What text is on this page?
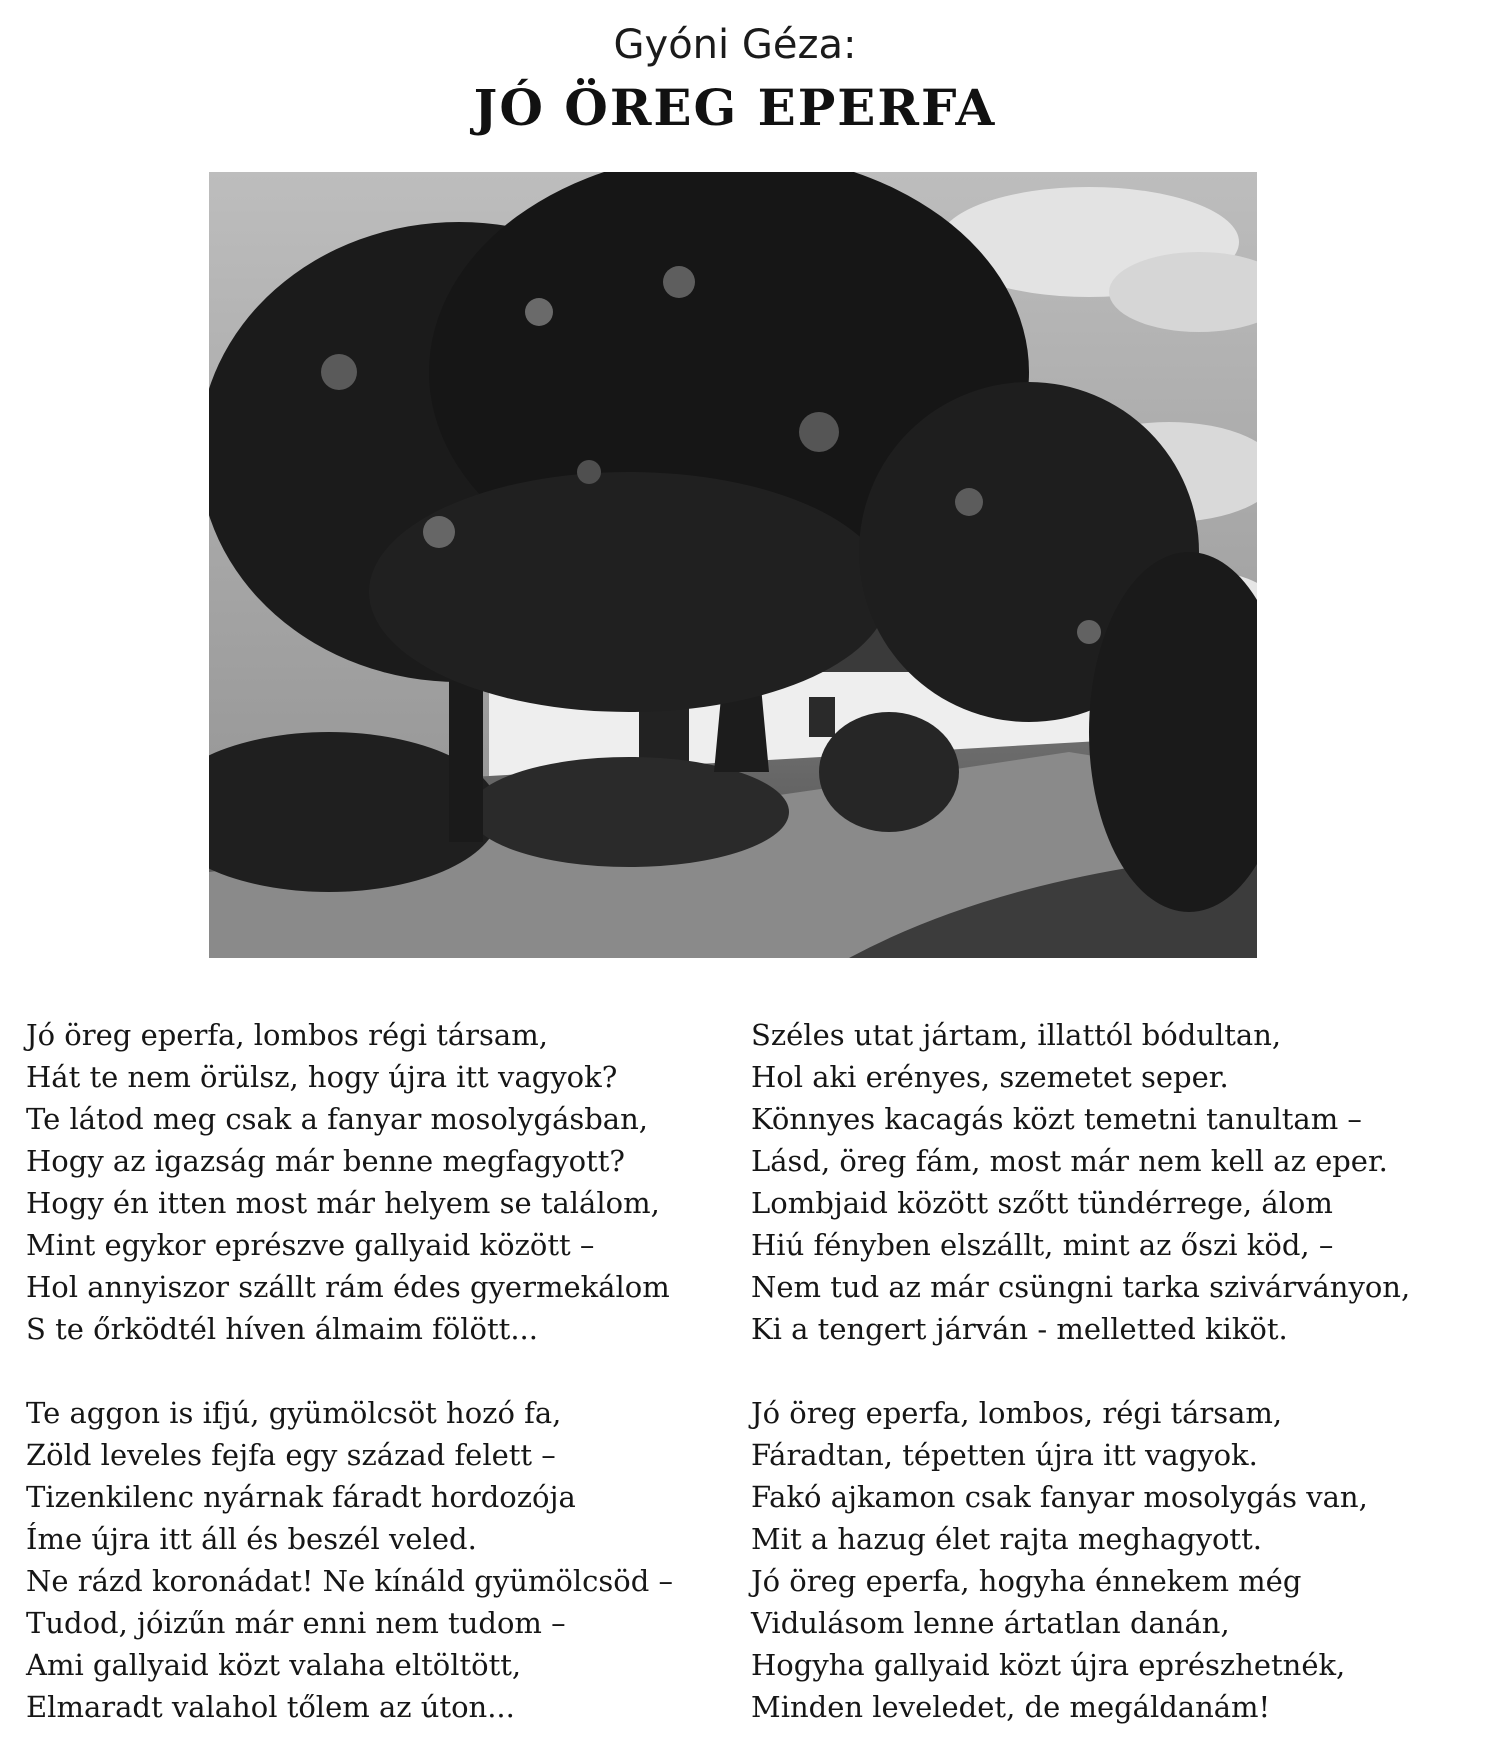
Gyóni Géza:
JÓ ÖREG EPERFA
Jó öreg eperfa, lombos régi társam,
Hát te nem örülsz, hogy újra itt vagyok?
Te látod meg csak a fanyar mosolygásban,
Hogy az igazság már benne megfagyott?
Hogy én itten most már helyem se találom,
Mint egykor eprészve gallyaid között –
Hol annyiszor szállt rám édes gyermekálom
S te őrködtél híven álmaim fölött...
Te aggon is ifjú, gyümölcsöt hozó fa,
Zöld leveles fejfa egy század felett –
Tizenkilenc nyárnak fáradt hordozója
Íme újra itt áll és beszél veled.
Ne rázd koronádat! Ne kínáld gyümölcsöd –
Tudod, jóizűn már enni nem tudom –
Ami gallyaid közt valaha eltöltött,
Elmaradt valahol tőlem az úton...
Széles utat jártam, illattól bódultan,
Hol aki erényes, szemetet seper.
Könnyes kacagás közt temetni tanultam –
Lásd, öreg fám, most már nem kell az eper.
Lombjaid között szőtt tündérrege, álom
Hiú fényben elszállt, mint az őszi köd, –
Nem tud az már csüngni tarka szivárványon,
Ki a tengert járván - melletted kiköt.
Jó öreg eperfa, lombos, régi társam,
Fáradtan, tépetten újra itt vagyok.
Fakó ajkamon csak fanyar mosolygás van,
Mit a hazug élet rajta meghagyott.
Jó öreg eperfa, hogyha énnekem még
Vidulásom lenne ártatlan danán,
Hogyha gallyaid közt újra eprészhetnék,
Minden leveledet, de megáldanám!
